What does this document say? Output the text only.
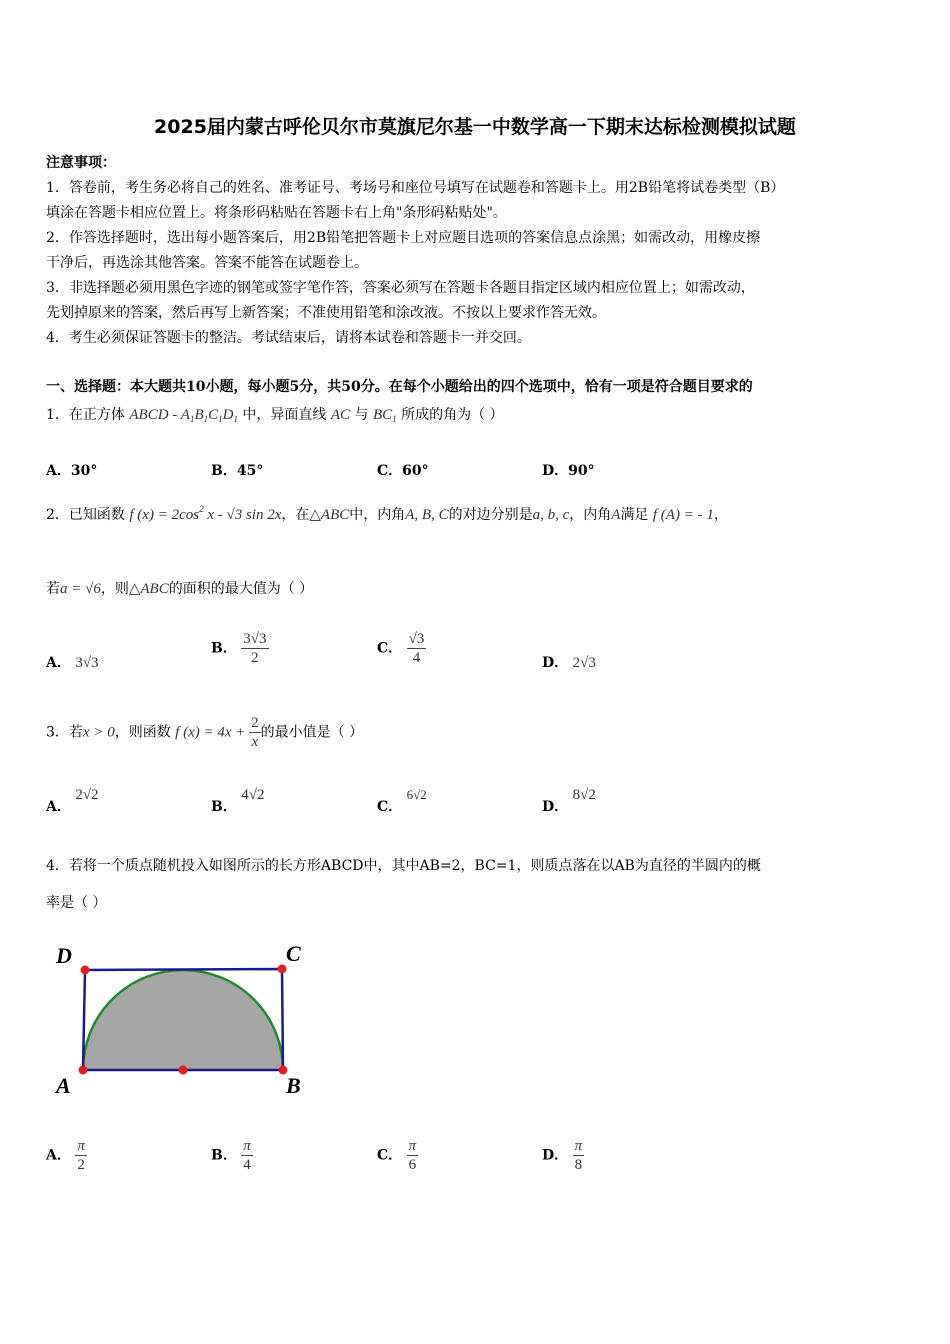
2025届内蒙古呼伦贝尔市莫旗尼尔基一中数学高一下期末达标检测模拟试题
注意事项：
1．答卷前，考生务必将自己的姓名、准考证号、考场号和座位号填写在试题卷和答题卡上。用2B铅笔将试卷类型（B）
填涂在答题卡相应位置上。将条形码粘贴在答题卡右上角"条形码粘贴处"。
2．作答选择题时，选出每小题答案后，用2B铅笔把答题卡上对应题目选项的答案信息点涂黑；如需改动，用橡皮擦
干净后，再选涂其他答案。答案不能答在试题卷上。
3．非选择题必须用黑色字迹的钢笔或签字笔作答，答案必须写在答题卡各题目指定区域内相应位置上；如需改动，
先划掉原来的答案，然后再写上新答案；不准使用铅笔和涂改液。不按以上要求作答无效。
4．考生必须保证答题卡的整洁。考试结束后，请将本试卷和答题卡一并交回。
一、选择题：本大题共10小题，每小题5分，共50分。在每个小题给出的四个选项中，恰有一项是符合题目要求的
1．在正方体 ABCD - $A_1B_1C_1D_1$ 中，异面直线 AC 与 $BC_1$ 所成的角为（ ）
A．30°	B．45°	C．60°	D．90°
2．已知函数 f $(x) = 2\cos^2$ x - √3 sin 2x，在△ABC中，内角A, B, C的对边分别是a, b, c，内角A满足 f (A) = - 1，
若a = √6，则△ABC的面积的最大值为（ ）
A． 3√3
B． $\frac{3√3}{2}$	C． $\frac{√3}{4}$	D． 2√3
3．若x > 0，则函数 f $(x) = 4x + \frac{2}{x}$ 的最小值是（ ）
A． 2√2
B． 4√2
C． 6√2
D． 8√2
4．若将一个质点随机投入如图所示的长方形ABCD中，其中AB=2，BC=1，则质点落在以AB为直径的半圆内的概
率是（ ）
D	C
A	B
A． $\frac{\pi}{2}$	B． $\frac{\pi}{4}$	C． $\frac{\pi}{6}$	D． $\frac{\pi}{8}$
